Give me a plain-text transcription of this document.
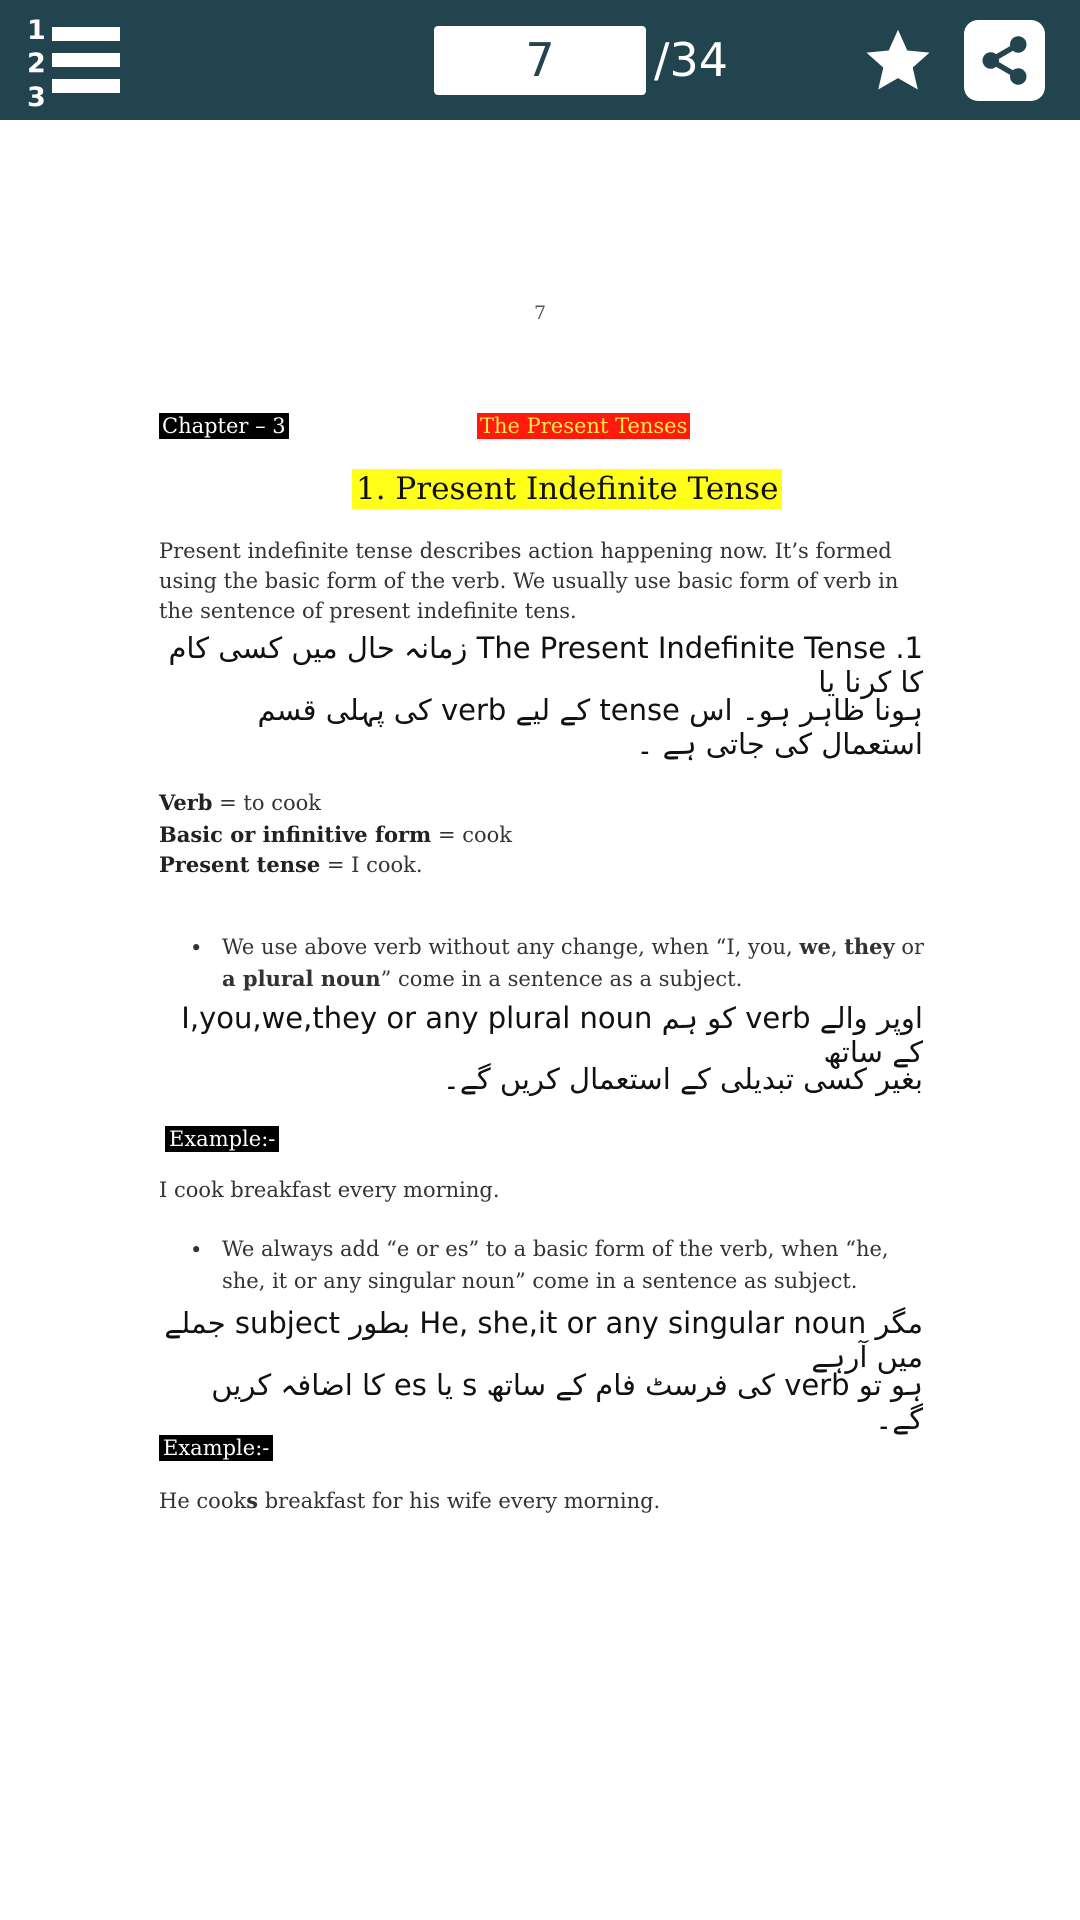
1
2
3
7	/34
7
Chapter – 3	The Present Tenses
1. Present Indefinite Tense
Present indefinite tense describes action happening now. It’s formed using the basic form of the verb. We usually use basic form of verb in the sentence of present indefinite tens.
1. The Present Indefinite Tense زمانہ حال میں کسی کام کا کرنا یا
ہونا ظاہر ہو۔ اس tense کے لیے verb کی پہلی قسم استعمال کی جاتی ہے ۔
Verb = to cook
Basic or infinitive form = cook
Present tense = I cook.
• We use above verb without any change, when “I, you, we, they or a plural noun” come in a sentence as a subject.
اوپر والے verb کو ہم I,you,we,they or any plural noun کے ساتھ
بغیر کسی تبدیلی کے استعمال کریں گے۔
Example:-
I cook breakfast every morning.
• We always add “e or es” to a basic form of the verb, when “he, she, it or any singular noun” come in a sentence as subject.
مگر He, she,it or any singular noun بطور subject جملے میں آرہے
ہو تو verb کی فرسٹ فام کے ساتھ s یا es کا اضافہ کریں گے۔
Example:-
He cooks breakfast for his wife every morning.
